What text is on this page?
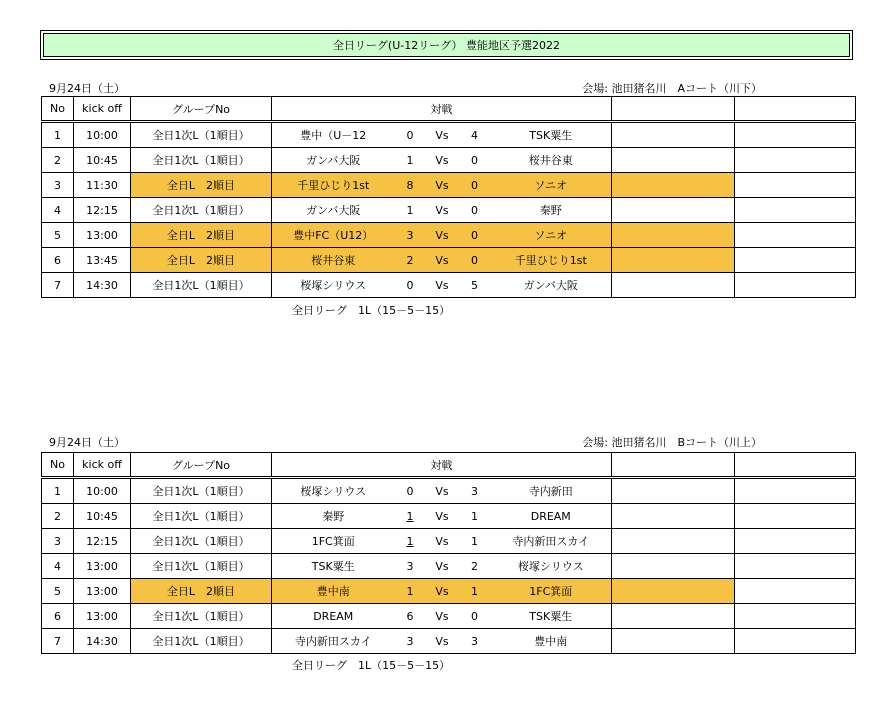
全日リーグ(U-12リーグ） 豊能地区予選2022
9月24日（土）	会場: 池田猪名川　Aコート（川下）
No	kick off	グループNo	対戦						
1	10:00	全日1次L（1順目）	豊中（U－12	0	Vs	4	TSK粟生		
2	10:45	全日1次L（1順目）	ガンバ大阪	1	Vs	0	桜井谷東		
3	11:30	全日L　2順目	千里ひじり1st	8	Vs	0	ソニオ		
4	12:15	全日1次L（1順目）	ガンバ大阪	1	Vs	0	秦野		
5	13:00	全日L　2順目	豊中FC（U12）	3	Vs	0	ソニオ		
6	13:45	全日L　2順目	桜井谷東	2	Vs	0	千里ひじり1st		
7	14:30	全日1次L（1順目）	桜塚シリウス	0	Vs	5	ガンバ大阪		
全日リーグ　1L（15－5－15）
9月24日（土）	会場: 池田猪名川　Bコート（川上）
No	kick off	グループNo	対戦						
1	10:00	全日1次L（1順目）	桜塚シリウス	0	Vs	3	寺内新田		
2	10:45	全日1次L（1順目）	秦野	1	Vs	1	DREAM		
3	12:15	全日1次L（1順目）	1FC箕面	1	Vs	1	寺内新田スカイ		
4	13:00	全日1次L（1順目）	TSK粟生	3	Vs	2	桜塚シリウス		
5	13:00	全日L　2順目	豊中南	1	Vs	1	1FC箕面		
6	13:00	全日1次L（1順目）	DREAM	6	Vs	0	TSK粟生		
7	14:30	全日1次L（1順目）	寺内新田スカイ	3	Vs	3	豊中南		
全日リーグ　1L（15－5－15）
